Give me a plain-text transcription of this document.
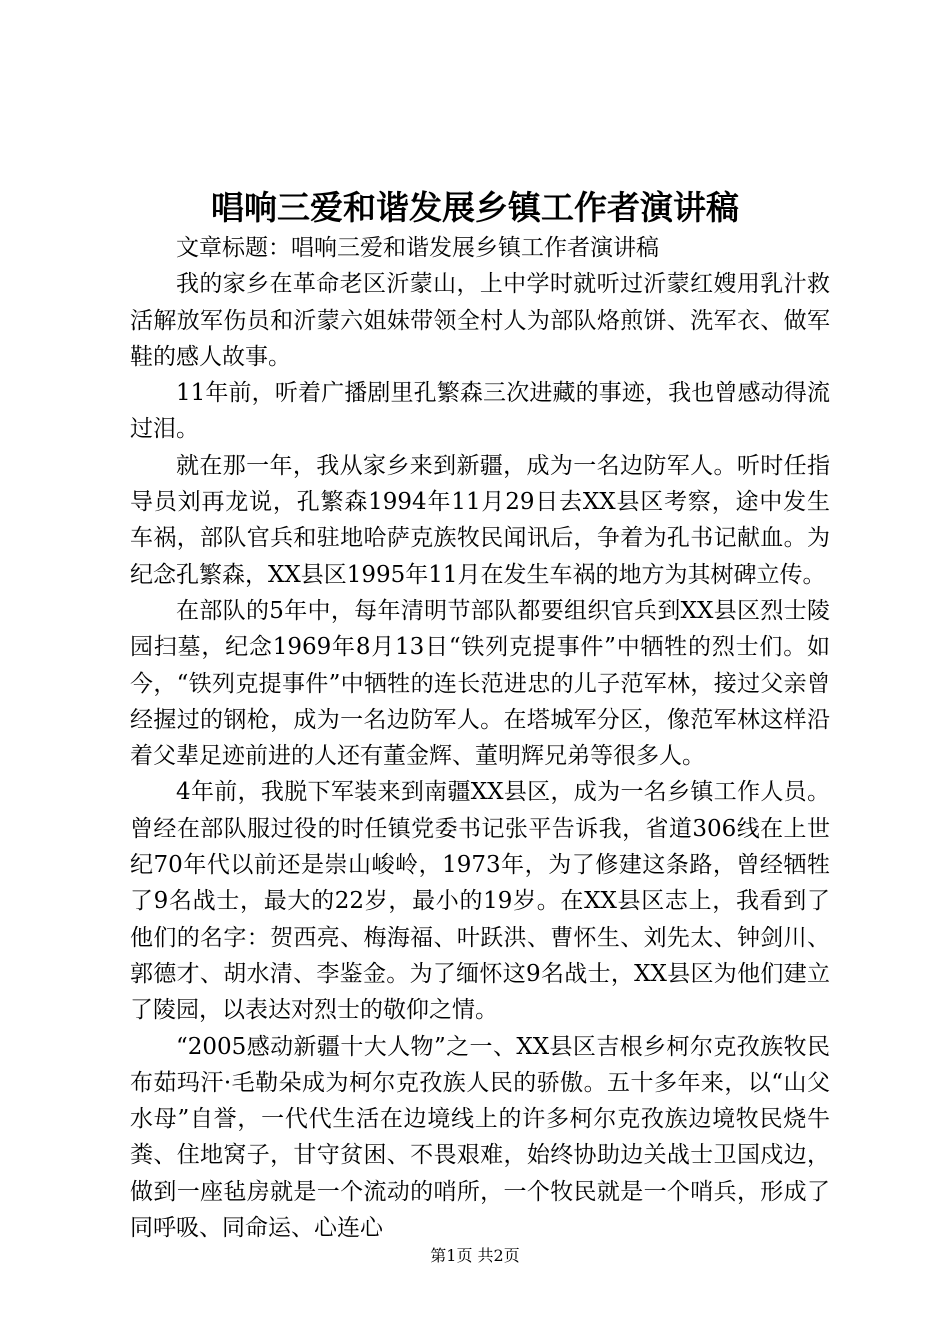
唱响三爱和谐发展乡镇工作者演讲稿

文章标题：唱响三爱和谐发展乡镇工作者演讲稿

我的家乡在革命老区沂蒙山，上中学时就听过沂蒙红嫂用乳汁救活解放军伤员和沂蒙六姐妹带领全村人为部队烙煎饼、洗军衣、做军鞋的感人故事。

11年前，听着广播剧里孔繁森三次进藏的事迹，我也曾感动得流过泪。

就在那一年，我从家乡来到新疆，成为一名边防军人。听时任指导员刘再龙说，孔繁森1994年11月29日去XX县区考察，途中发生车祸，部队官兵和驻地哈萨克族牧民闻讯后，争着为孔书记献血。为纪念孔繁森，XX县区1995年11月在发生车祸的地方为其树碑立传。

在部队的5年中，每年清明节部队都要组织官兵到XX县区烈士陵园扫墓，纪念1969年8月13日“铁列克提事件”中牺牲的烈士们。如今，“铁列克提事件”中牺牲的连长范进忠的儿子范军林，接过父亲曾经握过的钢枪，成为一名边防军人。在塔城军分区，像范军林这样沿着父辈足迹前进的人还有董金辉、董明辉兄弟等很多人。

4年前，我脱下军装来到南疆XX县区，成为一名乡镇工作人员。曾经在部队服过役的时任镇党委书记张平告诉我，省道306线在上世纪70年代以前还是崇山峻岭，1973年，为了修建这条路，曾经牺牲了9名战士，最大的22岁，最小的19岁。在XX县区志上，我看到了他们的名字：贺西亮、梅海福、叶跃洪、曹怀生、刘先太、钟剑川、郭德才、胡水清、李鉴金。为了缅怀这9名战士，XX县区为他们建立了陵园，以表达对烈士的敬仰之情。

“2005感动新疆十大人物”之一、XX县区吉根乡柯尔克孜族牧民布茹玛汗·毛勒朵成为柯尔克孜族人民的骄傲。五十多年来，以“山父水母”自誉，一代代生活在边境线上的许多柯尔克孜族边境牧民烧牛粪、住地窝子，甘守贫困、不畏艰难，始终协助边关战士卫国戍边，做到一座毡房就是一个流动的哨所，一个牧民就是一个哨兵，形成了同呼吸、同命运、心连心

第1页 共2页
